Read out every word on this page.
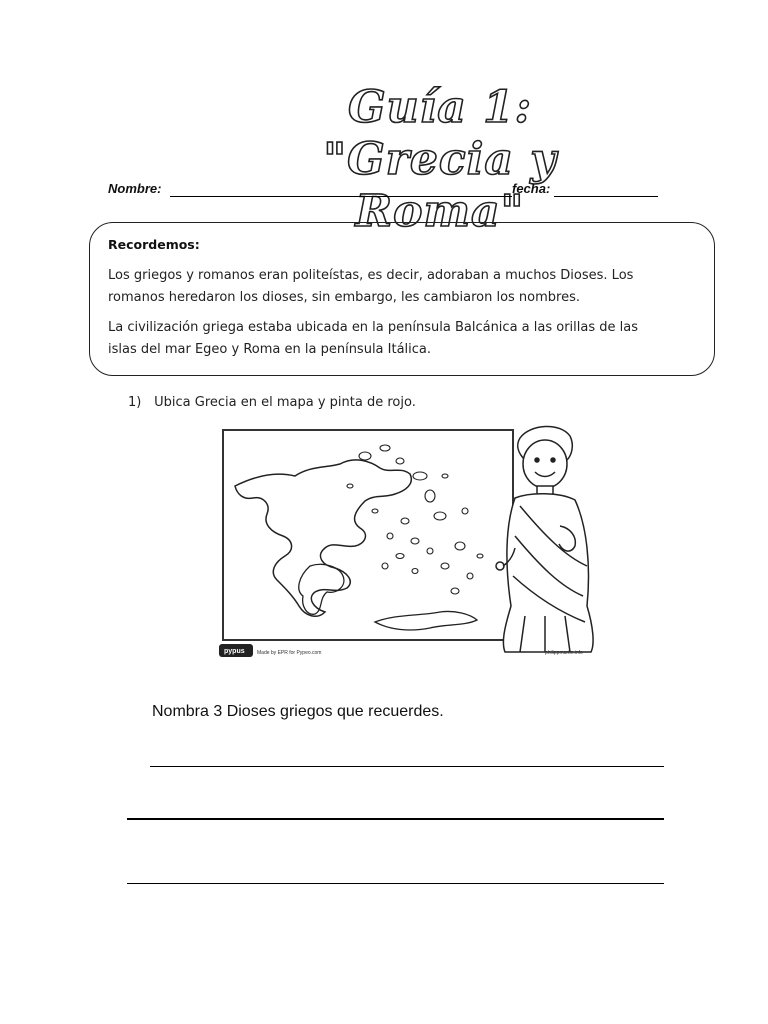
Guía 1: "Grecia y
Roma"
Nombre:	fecha:
Recordemos:
Los griegos y romanos eran politeístas, es decir, adoraban a muchos Dioses. Los
romanos heredaron los dioses, sin embargo, les cambiaron los nombres.
La civilización griega estaba ubicada en la península Balcánica a las orillas de las
islas del mar Egeo y Roma en la península Itálica.
1) Ubica Grecia en el mapa y pinta de rojo.
pypus Made by EPR for Pypeo.com	philippmartin.info
Nombra 3 Dioses griegos que recuerdes.
